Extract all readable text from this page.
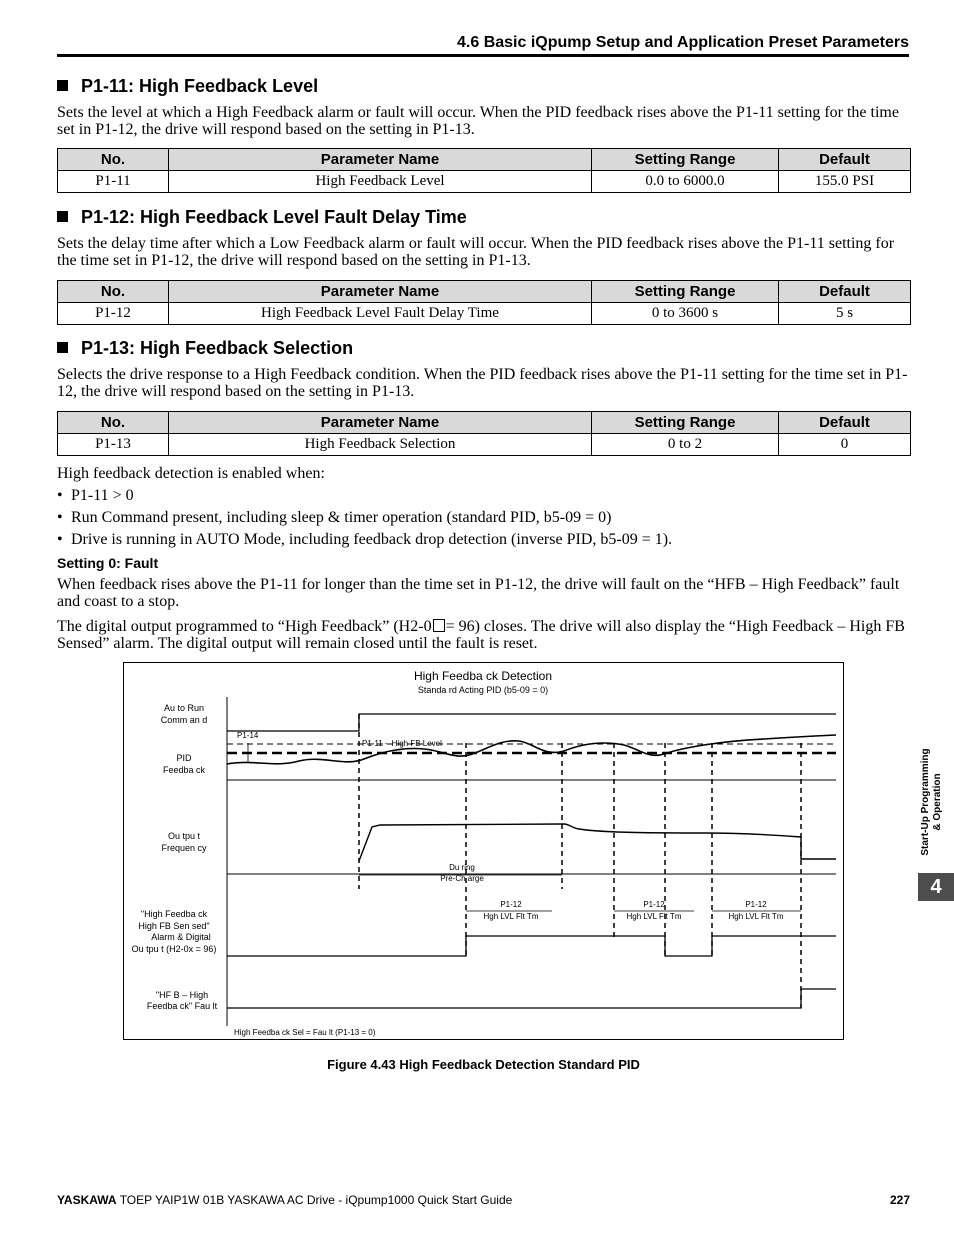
4.6 Basic iQpump Setup and Application Preset Parameters
P1-11: High Feedback Level
Sets the level at which a High Feedback alarm or fault will occur. When the PID feedback rises above the P1-11 setting for the time set in P1-12, the drive will respond based on the setting in P1-13.
No.	Parameter Name	Setting Range	Default
P1-11	High Feedback Level	0.0 to 6000.0	155.0 PSI
P1-12: High Feedback Level Fault Delay Time
Sets the delay time after which a Low Feedback alarm or fault will occur. When the PID feedback rises above the P1-11 setting for the time set in P1-12, the drive will respond based on the setting in P1-13.
No.	Parameter Name	Setting Range	Default
P1-12	High Feedback Level Fault Delay Time	0 to 3600 s	5 s
P1-13: High Feedback Selection
Selects the drive response to a High Feedback condition. When the PID feedback rises above the P1-11 setting for the time set in P1-12, the drive will respond based on the setting in P1-13.
No.	Parameter Name	Setting Range	Default
P1-13	High Feedback Selection	0 to 2	0
High feedback detection is enabled when:
• P1-11 > 0
• Run Command present, including sleep & timer operation (standard PID, b5-09 = 0)
• Drive is running in AUTO Mode, including feedback drop detection (inverse PID, b5-09 = 1).
Setting 0: Fault
When feedback rises above the P1-11 for longer than the time set in P1-12, the drive will fault on the “HFB – High Feedback” fault and coast to a stop.
The digital output programmed to “High Feedback” (H2-0 = 96) closes. The drive will also display the “High Feedback – High FB Sensed” alarm. The digital output will remain closed until the fault is reset.
High Feedba ck Detection
Standa rd Acting PID (b5-09 = 0)
Au to Run
Comm an d
PID
Feedba ck
Ou tpu t
Frequen cy
"High Feedba ck
High FB Sen sed"
Alarm & Digital
Ou tpu t (H2-0x = 96)
"HF B – High
Feedba ck" Fau lt
P1-14
P1-11 – High FB Level
Du ring
Pre-Ch arge
P1-12
Hgh LVL Flt Tm
P1-12
Hgh LVL Flt Tm
P1-12
Hgh LVL Flt Tm
High Feedba ck Sel = Fau lt (P1-13 = 0)
Figure 4.43 High Feedback Detection Standard PID
Start-Up Programming & Operation
4
YASKAWA TOEP YAIP1W 01B YASKAWA AC Drive - iQpump1000 Quick Start Guide	227
